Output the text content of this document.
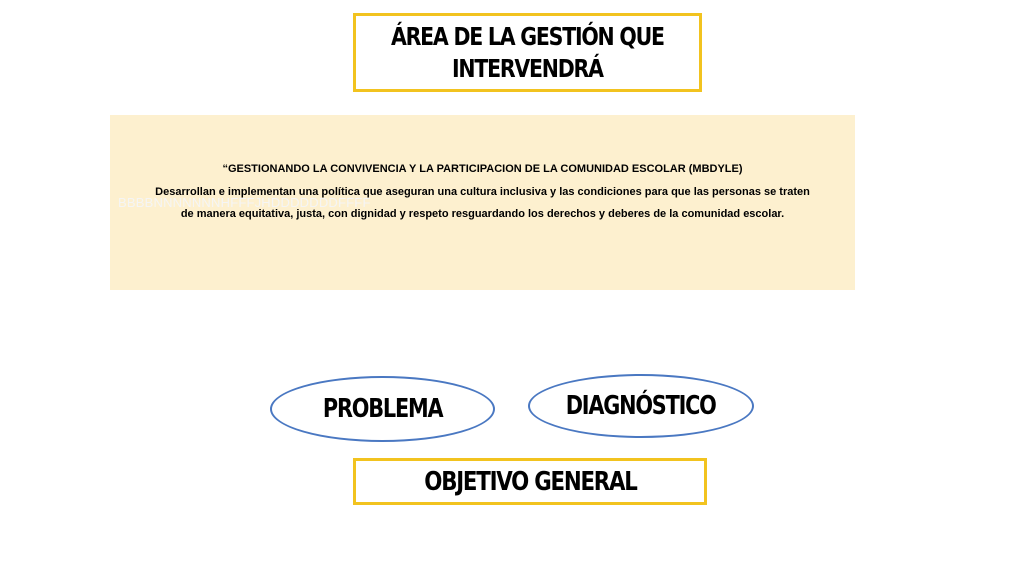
ÁREA DE LA GESTIÓN QUE
INTERVENDRÁ
BBBBNNNNNNNHFFFJHDDDDDDDFFFF
“GESTIONANDO LA CONVIVENCIA Y LA PARTICIPACION DE LA COMUNIDAD ESCOLAR (MBDYLE)
Desarrollan e implementan una política que aseguran una cultura inclusiva y las condiciones para que las personas se traten de manera equitativa, justa, con dignidad y respeto resguardando los derechos y deberes de la comunidad escolar.
PROBLEMA	DIAGNÓSTICO
OBJETIVO GENERAL
